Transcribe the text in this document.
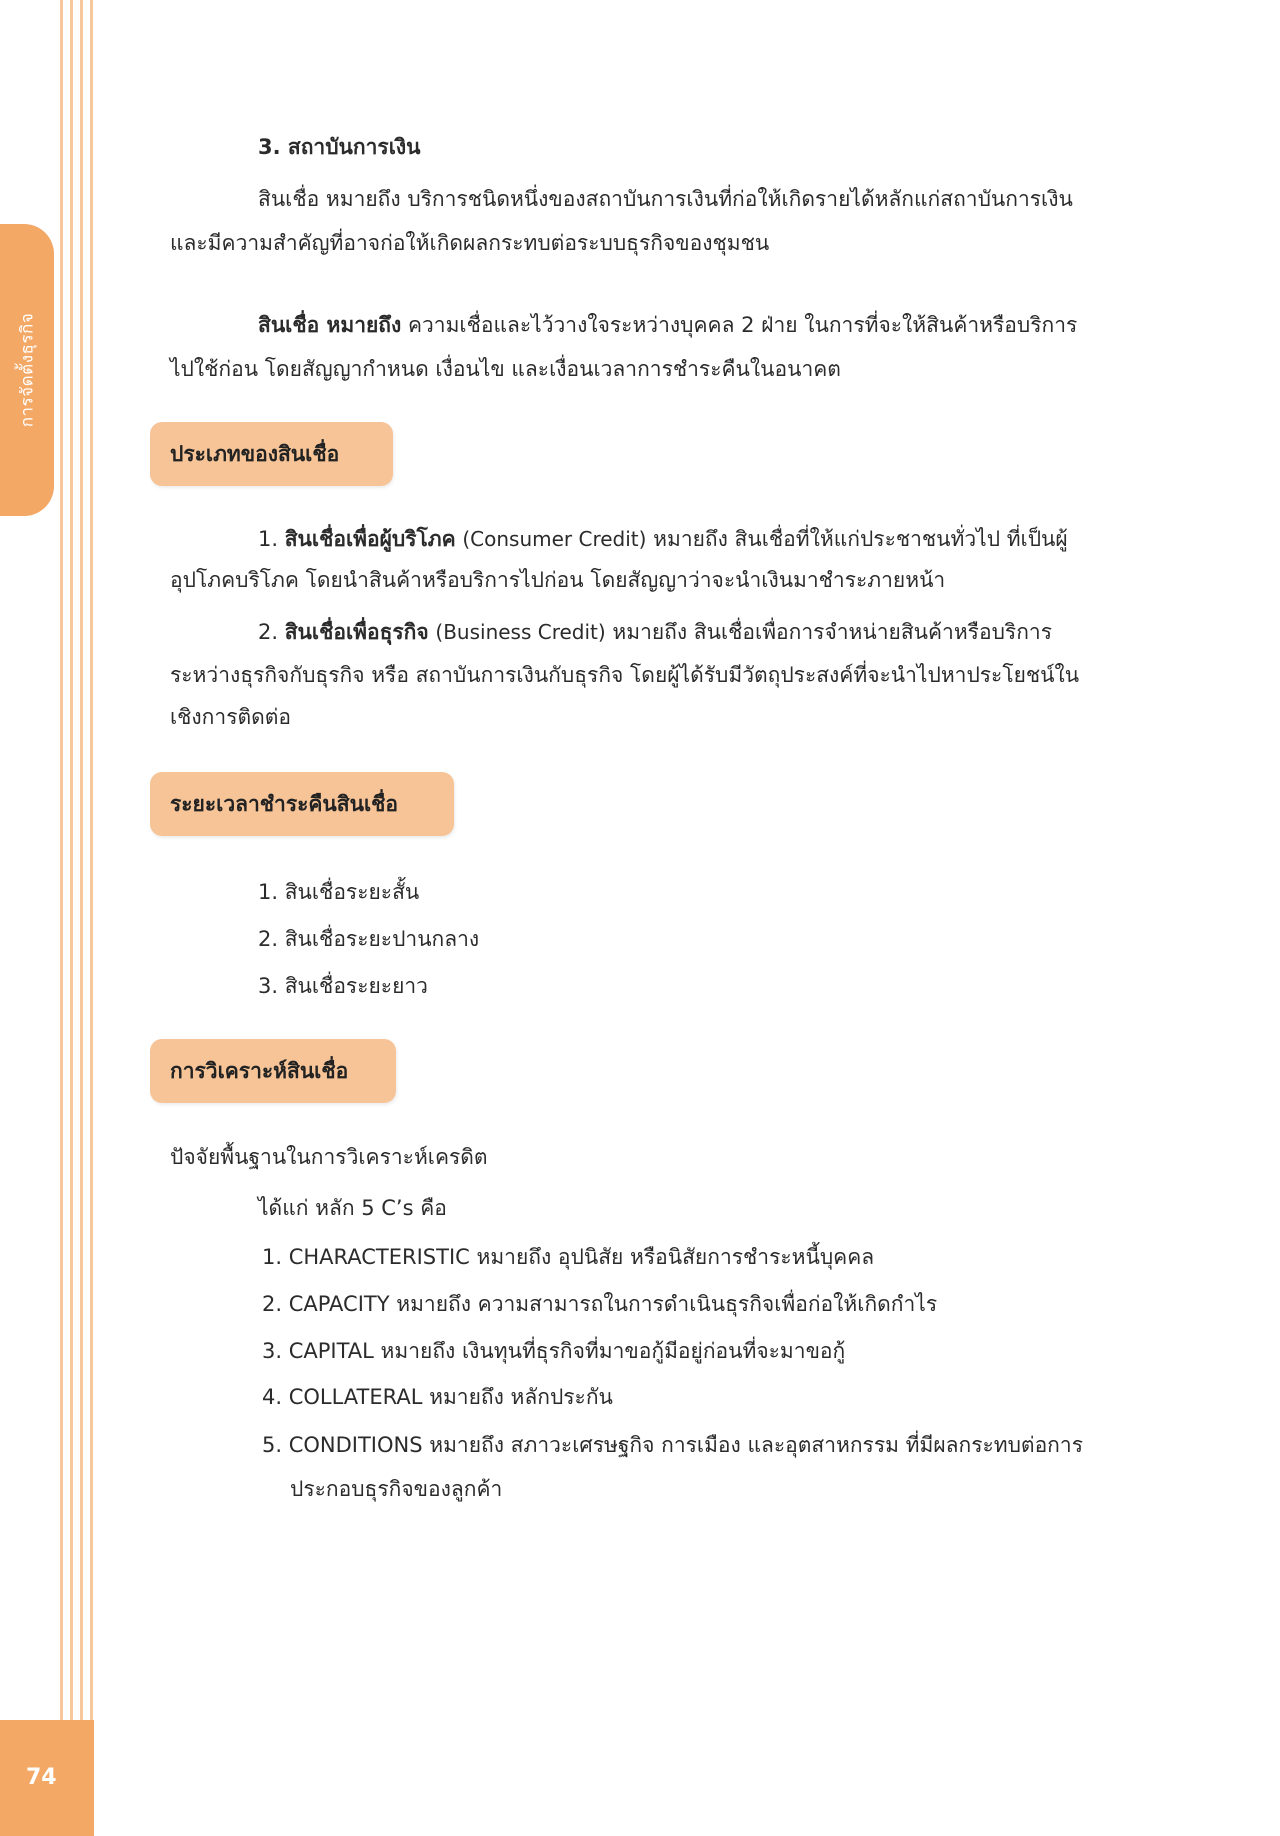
การจัดตั้งธุรกิจ
74
3. สถาบันการเงิน
สินเชื่อ หมายถึง บริการชนิดหนึ่งของสถาบันการเงินที่ก่อให้เกิดรายได้หลักแก่สถาบันการเงิน
และมีความสำคัญที่อาจก่อให้เกิดผลกระทบต่อระบบธุรกิจของชุมชน
สินเชื่อ หมายถึง ความเชื่อและไว้วางใจระหว่างบุคคล 2 ฝ่าย ในการที่จะให้สินค้าหรือบริการ
ไปใช้ก่อน โดยสัญญากำหนด เงื่อนไข และเงื่อนเวลาการชำระคืนในอนาคต
ประเภทของสินเชื่อ
1. สินเชื่อเพื่อผู้บริโภค (Consumer Credit) หมายถึง สินเชื่อที่ให้แก่ประชาชนทั่วไป ที่เป็นผู้
อุปโภคบริโภค โดยนำสินค้าหรือบริการไปก่อน โดยสัญญาว่าจะนำเงินมาชำระภายหน้า
2. สินเชื่อเพื่อธุรกิจ (Business Credit) หมายถึง สินเชื่อเพื่อการจำหน่ายสินค้าหรือบริการ
ระหว่างธุรกิจกับธุรกิจ หรือ สถาบันการเงินกับธุรกิจ โดยผู้ได้รับมีวัตถุประสงค์ที่จะนำไปหาประโยชน์ใน
เชิงการติดต่อ
ระยะเวลาชำระคืนสินเชื่อ
1. สินเชื่อระยะสั้น
2. สินเชื่อระยะปานกลาง
3. สินเชื่อระยะยาว
การวิเคราะห์สินเชื่อ
ปัจจัยพื้นฐานในการวิเคราะห์เครดิต
ได้แก่ หลัก 5 C’s คือ
1. CHARACTERISTIC หมายถึง อุปนิสัย หรือนิสัยการชำระหนี้บุคคล
2. CAPACITY หมายถึง ความสามารถในการดำเนินธุรกิจเพื่อก่อให้เกิดกำไร
3. CAPITAL หมายถึง เงินทุนที่ธุรกิจที่มาขอกู้มีอยู่ก่อนที่จะมาขอกู้
4. COLLATERAL หมายถึง หลักประกัน
5. CONDITIONS หมายถึง สภาวะเศรษฐกิจ การเมือง และอุตสาหกรรม ที่มีผลกระทบต่อการ
ประกอบธุรกิจของลูกค้า
